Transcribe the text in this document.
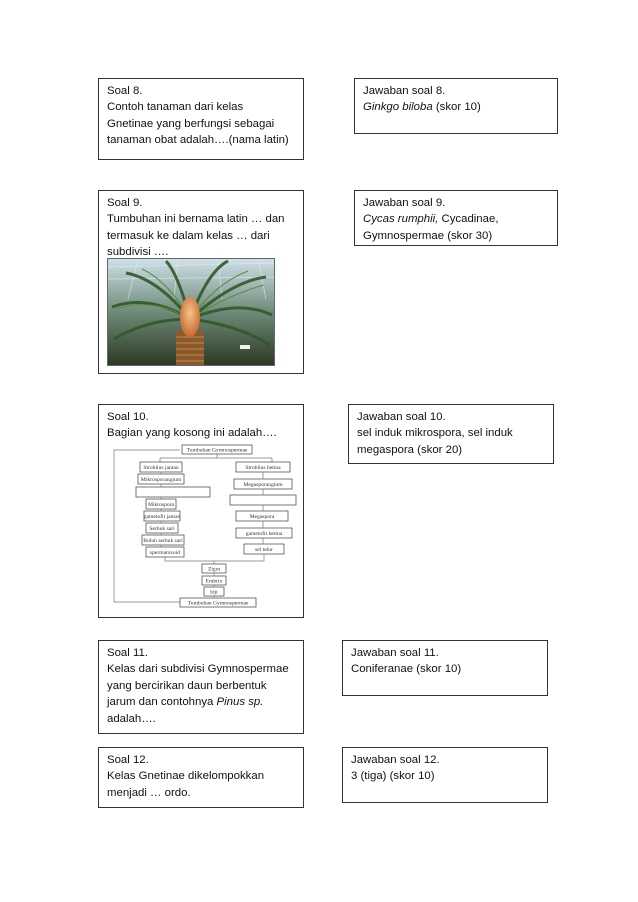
Soal 8.
Contoh tanaman dari kelas
Gnetinae yang berfungsi sebagai
tanaman obat adalah….(nama latin)
Jawaban soal 8.
Ginkgo biloba (skor 10)
Soal 9.
Tumbuhan ini bernama latin … dan
termasuk ke dalam kelas … dari
subdivisi ….
Jawaban soal 9.
Cycas rumphii, Cycadinae,
Gymnospermae (skor 30)
Soal 10.
Bagian yang kosong ini adalah….
Tumbuhan Gymnospermae
Strobilus jantan
Mikrosporangium
Mikrospora
gametofit jantan
Serbuk sari
Buluh serbuk sari
spermatozoid
Strobilus betina
Megasporangium
Megaspora
gametofit betina
sel telur
Zigot
Embrio
biji
Tumbuhan Gymnospermae
Jawaban soal 10.
sel induk mikrospora, sel induk
megaspora (skor 20)
Soal 11.
Kelas dari subdivisi Gymnospermae
yang bercirikan daun berbentuk
jarum dan contohnya Pinus sp.
adalah….
Jawaban soal 11.
Coniferanae (skor 10)
Soal 12.
Kelas Gnetinae dikelompokkan
menjadi … ordo.
Jawaban soal 12.
3 (tiga) (skor 10)
